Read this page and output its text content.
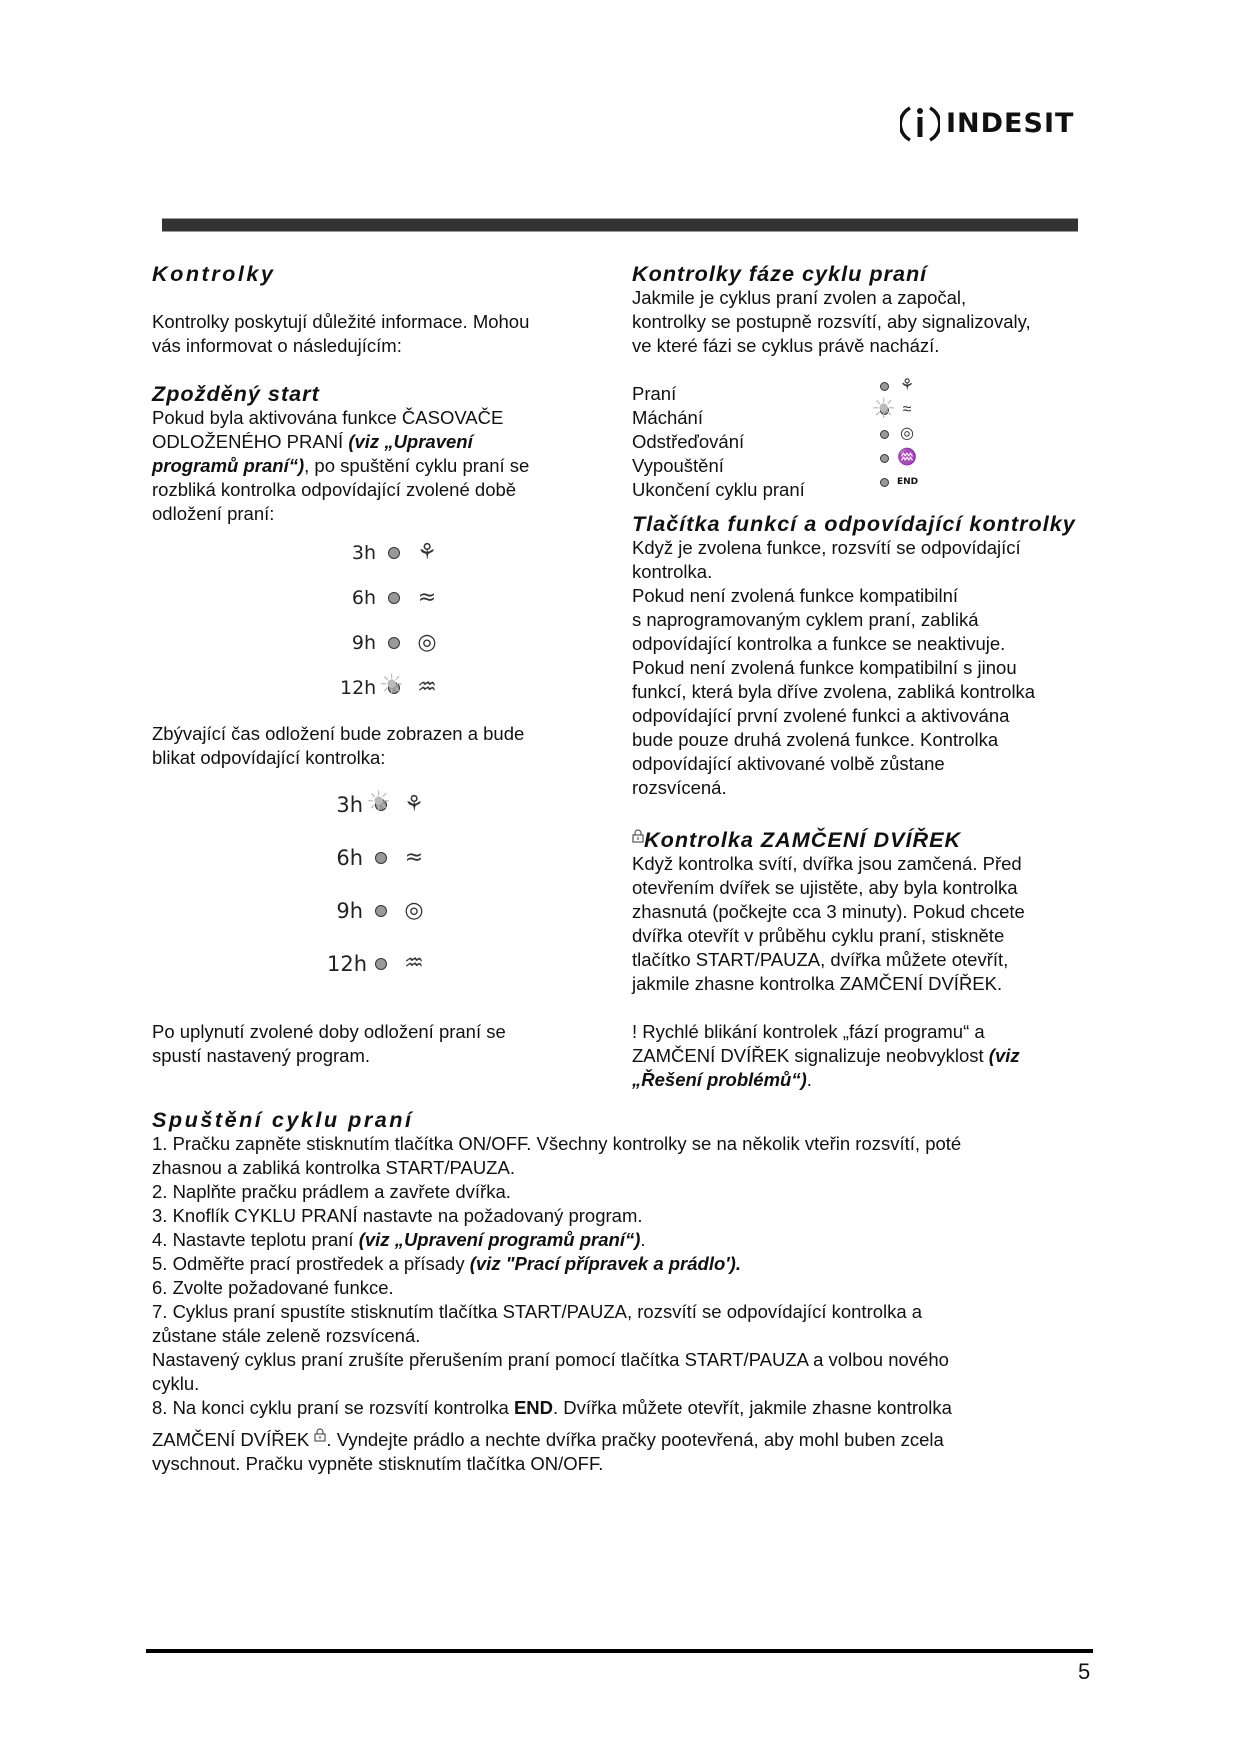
INDESIT
Kontrolky

Kontrolky poskytují důležité informace. Mohou

vás informovat o následujícím:

Zpožděný start

Pokud byla aktivována funkce ČASOVAČE

ODLOŽENÉHO PRANÍ (viz „Upravení

programů praní“), po spuštění cyklu praní se

rozbliká kontrolka odpovídající zvolené době

odložení praní:

3h ⚘
6h ≈
9h ◎
12h ☀ ♒

Zbývající čas odložení bude zobrazen a bude

blikat odpovídající kontrolka:

3h ☀ ⚘
6h ≈
9h ◎
12h ♒

Po uplynutí zvolené doby odložení praní se

spustí nastavený program.

Kontrolky fáze cyklu praní

Jakmile je cyklus praní zvolen a započal,

kontrolky se postupně rozsvítí, aby signalizovaly,

ve které fázi se cyklus právě nachází.

Praní

Máchání

Odstřeďování

Vypouštění

Ukončení cyklu praní

⚘
☀
≈
◎
♒
END
Tlačítka funkcí a odpovídající kontrolky

Když je zvolena funkce, rozsvítí se odpovídající

kontrolka.

Pokud není zvolená funkce kompatibilní

s naprogramovaným cyklem praní, zabliká

odpovídající kontrolka a funkce se neaktivuje.

Pokud není zvolená funkce kompatibilní s jinou

funkcí, která byla dříve zvolena, zabliká kontrolka

odpovídající první zvolené funkci a aktivována

bude pouze druhá zvolená funkce. Kontrolka

odpovídající aktivované volbě zůstane

rozsvícená.

Kontrolka ZAMČENÍ DVÍŘEK

Když kontrolka svítí, dvířka jsou zamčená. Před

otevřením dvířek se ujistěte, aby byla kontrolka

zhasnutá (počkejte cca 3 minuty). Pokud chcete

dvířka otevřít v průběhu cyklu praní, stiskněte

tlačítko START/PAUZA, dvířka můžete otevřít,

jakmile zhasne kontrolka ZAMČENÍ DVÍŘEK.

! Rychlé blikání kontrolek „fází programu“ a

ZAMČENÍ DVÍŘEK signalizuje neobvyklost (viz

„Řešení problémů“).

Spuštění cyklu praní

1. Pračku zapněte stisknutím tlačítka ON/OFF. Všechny kontrolky se na několik vteřin rozsvítí, poté

zhasnou a zabliká kontrolka START/PAUZA.

2. Naplňte pračku prádlem a zavřete dvířka.

3. Knoflík CYKLU PRANÍ nastavte na požadovaný program.

4. Nastavte teplotu praní (viz „Upravení programů praní“).

5. Odměřte prací prostředek a přísady (viz "Prací přípravek a prádlo').

6. Zvolte požadované funkce.

7. Cyklus praní spustíte stisknutím tlačítka START/PAUZA, rozsvítí se odpovídající kontrolka a

zůstane stále zeleně rozsvícená.

Nastavený cyklus praní zrušíte přerušením praní pomocí tlačítka START/PAUZA a volbou nového

cyklu.

8. Na konci cyklu praní se rozsvítí kontrolka END. Dvířka můžete otevřít, jakmile zhasne kontrolka

ZAMČENÍ DVÍŘEK . Vyndejte prádlo a nechte dvířka pračky pootevřená, aby mohl buben zcela

vyschnout. Pračku vypněte stisknutím tlačítka ON/OFF.

5
